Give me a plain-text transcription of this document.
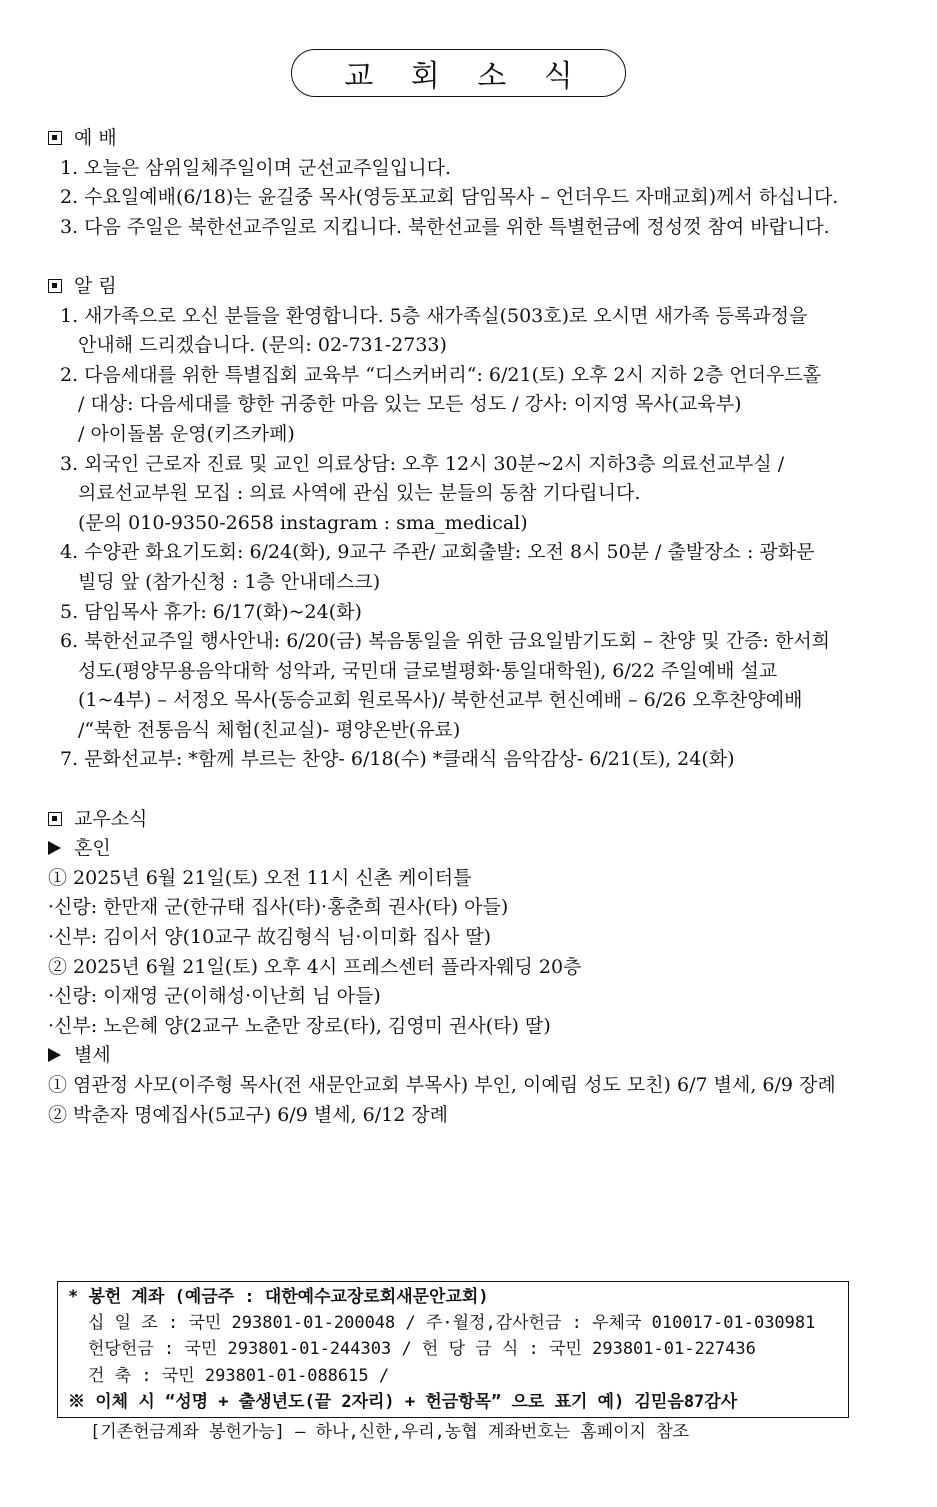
교 회 소 식
예 배
1. 오늘은 삼위일체주일이며 군선교주일입니다.
2. 수요일예배(6/18)는 윤길중 목사(영등포교회 담임목사 – 언더우드 자매교회)께서 하십니다.
3. 다음 주일은 북한선교주일로 지킵니다. 북한선교를 위한 특별헌금에 정성껏 참여 바랍니다.
알 림
1. 새가족으로 오신 분들을 환영합니다. 5층 새가족실(503호)로 오시면 새가족 등록과정을
안내해 드리겠습니다. (문의: 02-731-2733)
2. 다음세대를 위한 특별집회 교육부 “디스커버리“: 6/21(토) 오후 2시 지하 2층 언더우드홀
/ 대상: 다음세대를 향한 귀중한 마음 있는 모든 성도 / 강사: 이지영 목사(교육부)
/ 아이돌봄 운영(키즈카페)
3. 외국인 근로자 진료 및 교인 의료상담: 오후 12시 30분~2시 지하3층 의료선교부실 /
의료선교부원 모집 : 의료 사역에 관심 있는 분들의 동참 기다립니다.
(문의 010-9350-2658 instagram : sma_medical)
4. 수양관 화요기도회: 6/24(화), 9교구 주관/ 교회출발: 오전 8시 50분 / 출발장소 : 광화문
빌딩 앞 (참가신청 : 1층 안내데스크)
5. 담임목사 휴가: 6/17(화)~24(화)
6. 북한선교주일 행사안내: 6/20(금) 복음통일을 위한 금요일밤기도회 – 찬양 및 간증: 한서희
성도(평양무용음악대학 성악과, 국민대 글로벌평화·통일대학원), 6/22 주일예배 설교
(1~4부) – 서정오 목사(동승교회 원로목사)/ 북한선교부 헌신예배 – 6/26 오후찬양예배
/“북한 전통음식 체험(친교실)- 평양온반(유료)
7. 문화선교부: *함께 부르는 찬양- 6/18(수) *클래식 음악감상- 6/21(토), 24(화)
교우소식
혼인
① 2025년 6월 21일(토) 오전 11시 신촌 케이터틀
·신랑: 한만재 군(한규태 집사(타)·홍춘희 권사(타) 아들)
·신부: 김이서 양(10교구 故김형식 님·이미화 집사 딸)
② 2025년 6월 21일(토) 오후 4시 프레스센터 플라자웨딩 20층
·신랑: 이재영 군(이해성·이난희 님 아들)
·신부: 노은혜 양(2교구 노춘만 장로(타), 김영미 권사(타) 딸)
별세
① 염관정 사모(이주형 목사(전 새문안교회 부목사) 부인, 이예림 성도 모친) 6/7 별세, 6/9 장례
② 박춘자 명예집사(5교구) 6/9 별세, 6/12 장례
* 봉헌 계좌 (예금주 : 대한예수교장로회새문안교회)
십 일 조 : 국민 293801-01-200048 / 주·월정,감사헌금 : 우체국 010017-01-030981
헌당헌금 : 국민 293801-01-244303 / 헌 당 금 식 : 국민 293801-01-227436
건 축 : 국민 293801-01-088615 /
※ 이체 시 “성명 + 출생년도(끝 2자리) + 헌금항목” 으로 표기 예) 김믿음87감사
[기존헌금계좌 봉헌가능] – 하나,신한,우리,농협 계좌번호는 홈페이지 참조
